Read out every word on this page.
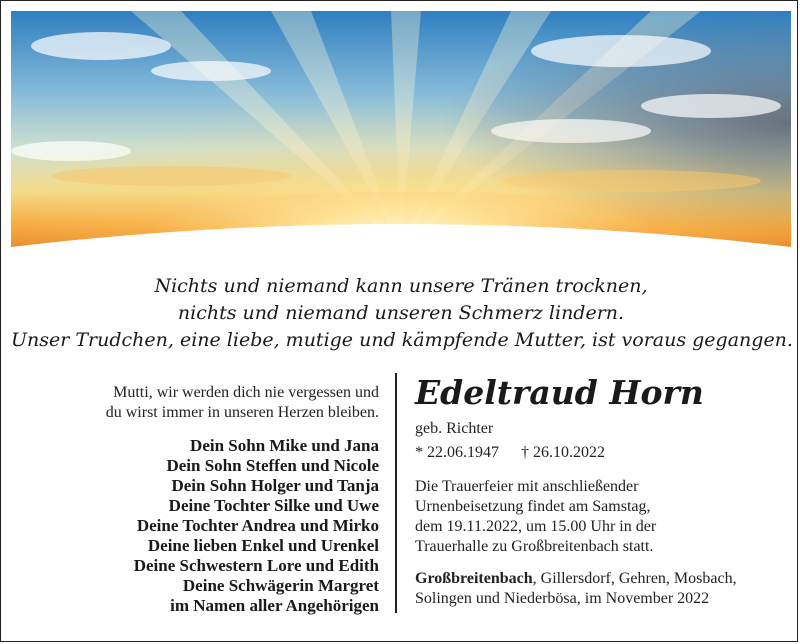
Nichts und niemand kann unsere Tränen trocknen,
nichts und niemand unseren Schmerz lindern.
Unser Trudchen, eine liebe, mutige und kämpfende Mutter, ist voraus gegangen.
Mutti, wir werden dich nie vergessen und
du wirst immer in unseren Herzen bleiben.
Dein Sohn Mike und Jana
Dein Sohn Steffen und Nicole
Dein Sohn Holger und Tanja
Deine Tochter Silke und Uwe
Deine Tochter Andrea und Mirko
Deine lieben Enkel und Urenkel
Deine Schwestern Lore und Edith
Deine Schwägerin Margret
im Namen aller Angehörigen
Edeltraud Horn
geb. Richter
* 22.06.1947 † 26.10.2022
Die Trauerfeier mit anschließender
Urnenbeisetzung findet am Samstag,
dem 19.11.2022, um 15.00 Uhr in der
Trauerhalle zu Großbreitenbach statt.
Großbreitenbach, Gillersdorf, Gehren, Mosbach,
Solingen und Niederbösa, im November 2022
